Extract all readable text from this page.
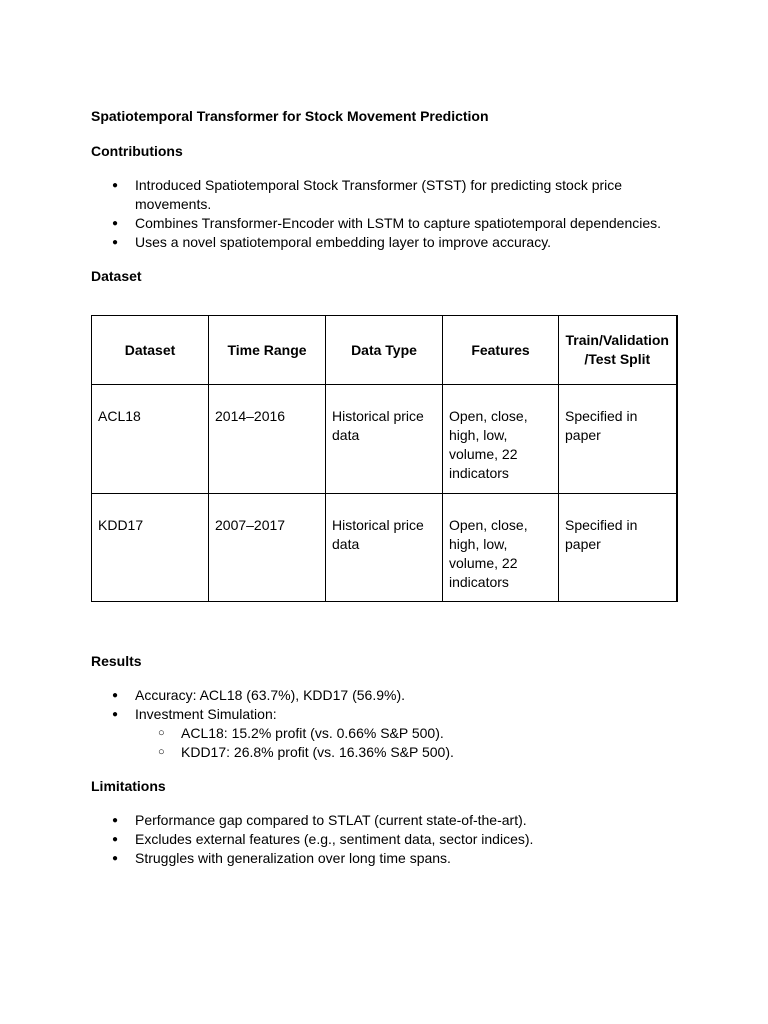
Spatiotemporal Transformer for Stock Movement Prediction
Contributions
● Introduced Spatiotemporal Stock Transformer (STST) for predicting stock price movements.
● Combines Transformer-Encoder with LSTM to capture spatiotemporal dependencies.
● Uses a novel spatiotemporal embedding layer to improve accuracy.
Dataset
Dataset	Time Range	Data Type	Features	Train/Validation /Test Split
ACL18	2014–2016	Historical price data	Open, close, high, low, volume, 22 indicators	Specified in paper
KDD17	2007–2017	Historical price data	Open, close, high, low, volume, 22 indicators	Specified in paper
Results
● Accuracy: ACL18 (63.7%), KDD17 (56.9%).
● Investment Simulation:
○ ACL18: 15.2% profit (vs. 0.66% S&P 500).
○ KDD17: 26.8% profit (vs. 16.36% S&P 500).
Limitations
● Performance gap compared to STLAT (current state-of-the-art).
● Excludes external features (e.g., sentiment data, sector indices).
● Struggles with generalization over long time spans.
